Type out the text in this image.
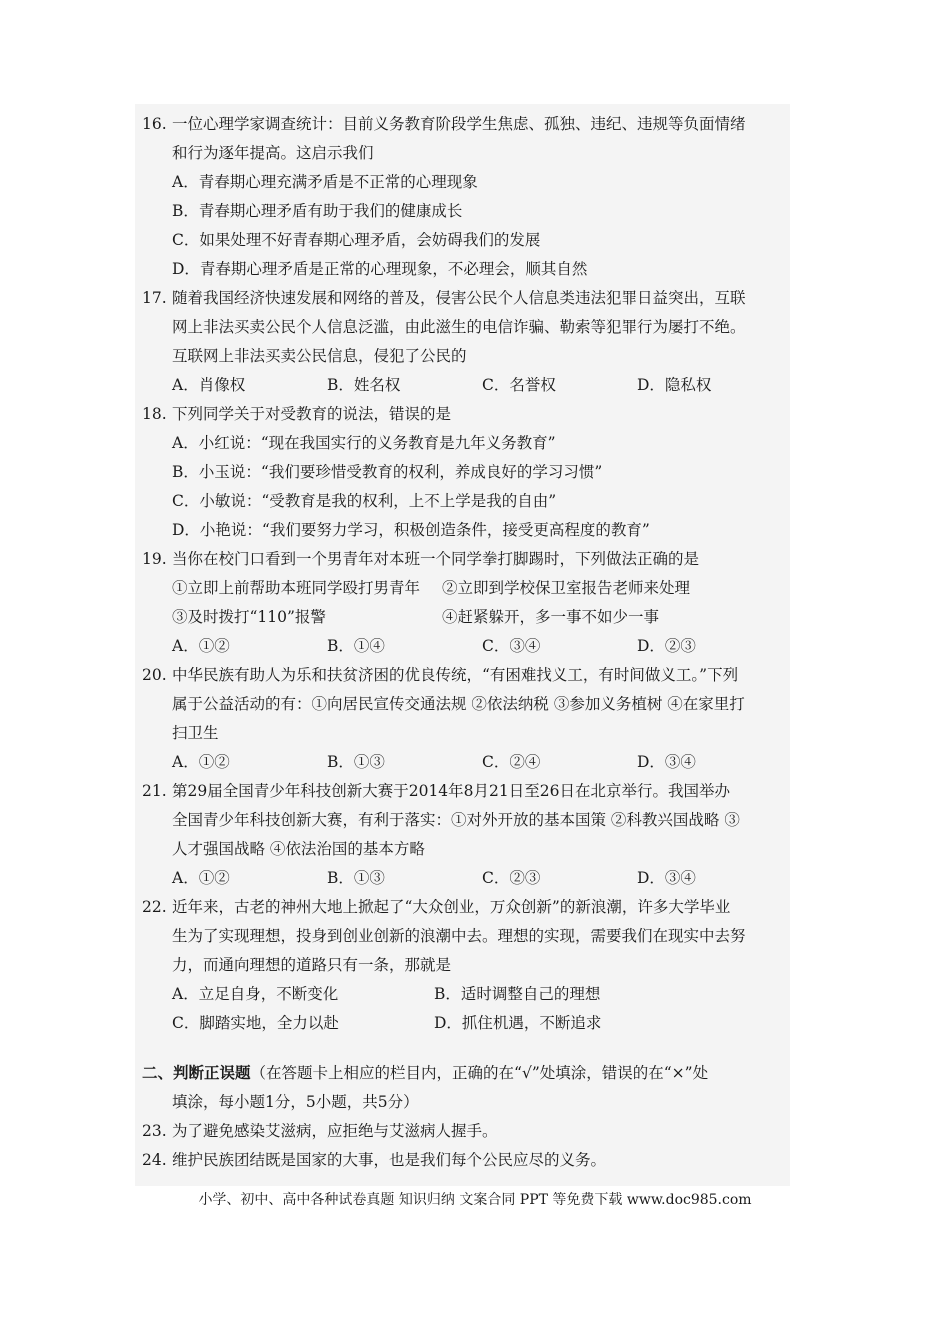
16. 一位心理学家调查统计：目前义务教育阶段学生焦虑、孤独、违纪、违规等负面情绪
和行为逐年提高。这启示我们
A．青春期心理充满矛盾是不正常的心理现象
B．青春期心理矛盾有助于我们的健康成长
C．如果处理不好青春期心理矛盾，会妨碍我们的发展
D．青春期心理矛盾是正常的心理现象，不必理会，顺其自然
17. 随着我国经济快速发展和网络的普及，侵害公民个人信息类违法犯罪日益突出，互联
网上非法买卖公民个人信息泛滥，由此滋生的电信诈骗、勒索等犯罪行为屡打不绝。
互联网上非法买卖公民信息，侵犯了公民的
A．肖像权	B．姓名权	C．名誉权	D．隐私权
18. 下列同学关于对受教育的说法，错误的是
A．小红说：“现在我国实行的义务教育是九年义务教育”
B．小玉说：“我们要珍惜受教育的权利，养成良好的学习习惯”
C．小敏说：“受教育是我的权利，上不上学是我的自由”
D．小艳说：“我们要努力学习，积极创造条件，接受更高程度的教育”
19. 当你在校门口看到一个男青年对本班一个同学拳打脚踢时，下列做法正确的是
①立即上前帮助本班同学殴打男青年	②立即到学校保卫室报告老师来处理
③及时拨打“110”报警	④赶紧躲开，多一事不如少一事
A．①②	B．①④	C．③④	D．②③
20. 中华民族有助人为乐和扶贫济困的优良传统，“有困难找义工，有时间做义工。”下列
属于公益活动的有：①向居民宣传交通法规 ②依法纳税 ③参加义务植树 ④在家里打
扫卫生
A．①②	B．①③	C．②④	D．③④
21. 第29届全国青少年科技创新大赛于2014年8月21日至26日在北京举行。我国举办
全国青少年科技创新大赛，有利于落实：①对外开放的基本国策 ②科教兴国战略 ③
人才强国战略 ④依法治国的基本方略
A．①②	B．①③	C．②③	D．③④
22. 近年来，古老的神州大地上掀起了“大众创业，万众创新”的新浪潮，许多大学毕业
生为了实现理想，投身到创业创新的浪潮中去。理想的实现，需要我们在现实中去努
力，而通向理想的道路只有一条，那就是
A．立足自身，不断变化	B．适时调整自己的理想
C．脚踏实地，全力以赴	D．抓住机遇，不断追求
二、判断正误题（在答题卡上相应的栏目内，正确的在“√”处填涂，错误的在“×”处
填涂，每小题1分，5小题，共5分）
23. 为了避免感染艾滋病，应拒绝与艾滋病人握手。
24. 维护民族团结既是国家的大事，也是我们每个公民应尽的义务。
小学、初中、高中各种试卷真题 知识归纳 文案合同 PPT 等免费下载 www.doc985.com
